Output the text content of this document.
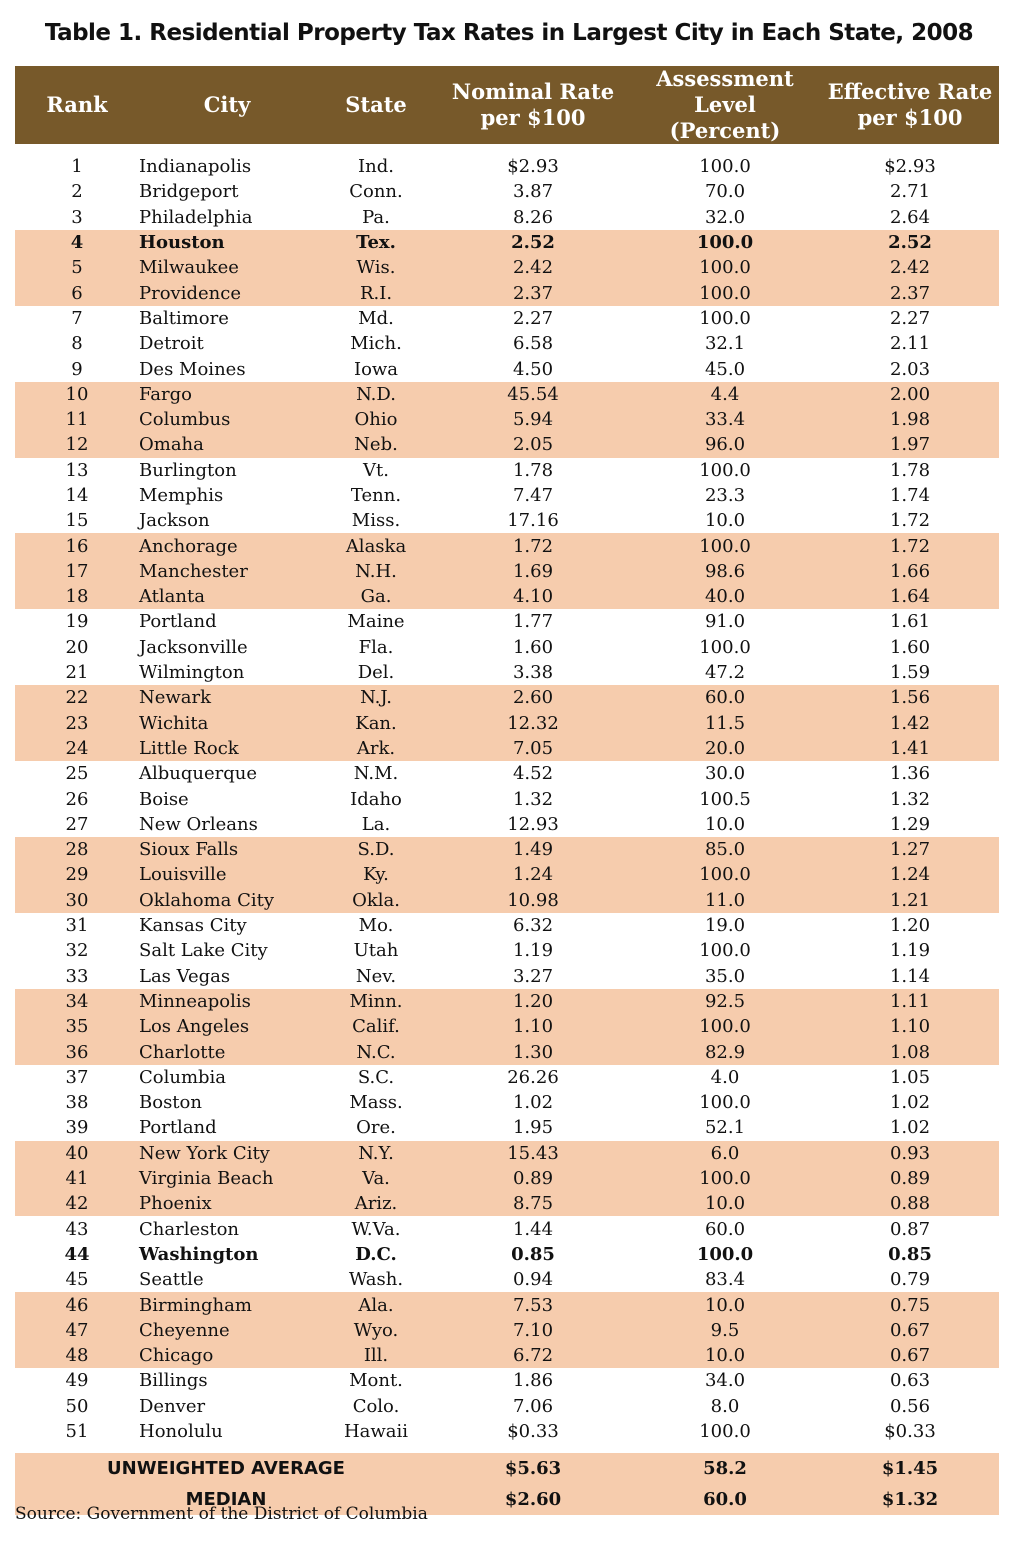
Table 1. Residential Property Tax Rates in Largest City in Each State, 2008
Rank	City	State	Nominal Rate
per $100	Assessment Level
(Percent)	Effective Rate
per $100

1	Indianapolis	Ind.	$2.93	100.0	$2.93
2	Bridgeport	Conn.	3.87	70.0	2.71
3	Philadelphia	Pa.	8.26	32.0	2.64
4	Houston	Tex.	2.52	100.0	2.52
5	Milwaukee	Wis.	2.42	100.0	2.42
6	Providence	R.I.	2.37	100.0	2.37
7	Baltimore	Md.	2.27	100.0	2.27
8	Detroit	Mich.	6.58	32.1	2.11
9	Des Moines	Iowa	4.50	45.0	2.03
10	Fargo	N.D.	45.54	4.4	2.00
11	Columbus	Ohio	5.94	33.4	1.98
12	Omaha	Neb.	2.05	96.0	1.97
13	Burlington	Vt.	1.78	100.0	1.78
14	Memphis	Tenn.	7.47	23.3	1.74
15	Jackson	Miss.	17.16	10.0	1.72
16	Anchorage	Alaska	1.72	100.0	1.72
17	Manchester	N.H.	1.69	98.6	1.66
18	Atlanta	Ga.	4.10	40.0	1.64
19	Portland	Maine	1.77	91.0	1.61
20	Jacksonville	Fla.	1.60	100.0	1.60
21	Wilmington	Del.	3.38	47.2	1.59
22	Newark	N.J.	2.60	60.0	1.56
23	Wichita	Kan.	12.32	11.5	1.42
24	Little Rock	Ark.	7.05	20.0	1.41
25	Albuquerque	N.M.	4.52	30.0	1.36
26	Boise	Idaho	1.32	100.5	1.32
27	New Orleans	La.	12.93	10.0	1.29
28	Sioux Falls	S.D.	1.49	85.0	1.27
29	Louisville	Ky.	1.24	100.0	1.24
30	Oklahoma City	Okla.	10.98	11.0	1.21
31	Kansas City	Mo.	6.32	19.0	1.20
32	Salt Lake City	Utah	1.19	100.0	1.19
33	Las Vegas	Nev.	3.27	35.0	1.14
34	Minneapolis	Minn.	1.20	92.5	1.11
35	Los Angeles	Calif.	1.10	100.0	1.10
36	Charlotte	N.C.	1.30	82.9	1.08
37	Columbia	S.C.	26.26	4.0	1.05
38	Boston	Mass.	1.02	100.0	1.02
39	Portland	Ore.	1.95	52.1	1.02
40	New York City	N.Y.	15.43	6.0	0.93
41	Virginia Beach	Va.	0.89	100.0	0.89
42	Phoenix	Ariz.	8.75	10.0	0.88
43	Charleston	W.Va.	1.44	60.0	0.87
44	Washington	D.C.	0.85	100.0	0.85
45	Seattle	Wash.	0.94	83.4	0.79
46	Birmingham	Ala.	7.53	10.0	0.75
47	Cheyenne	Wyo.	7.10	9.5	0.67
48	Chicago	Ill.	6.72	10.0	0.67
49	Billings	Mont.	1.86	34.0	0.63
50	Denver	Colo.	7.06	8.0	0.56
51	Honolulu	Hawaii	$0.33	100.0	$0.33

UNWEIGHTED AVERAGE			$5.63	58.2	$1.45
MEDIAN			$2.60	60.0	$1.32
Source: Government of the District of Columbia
